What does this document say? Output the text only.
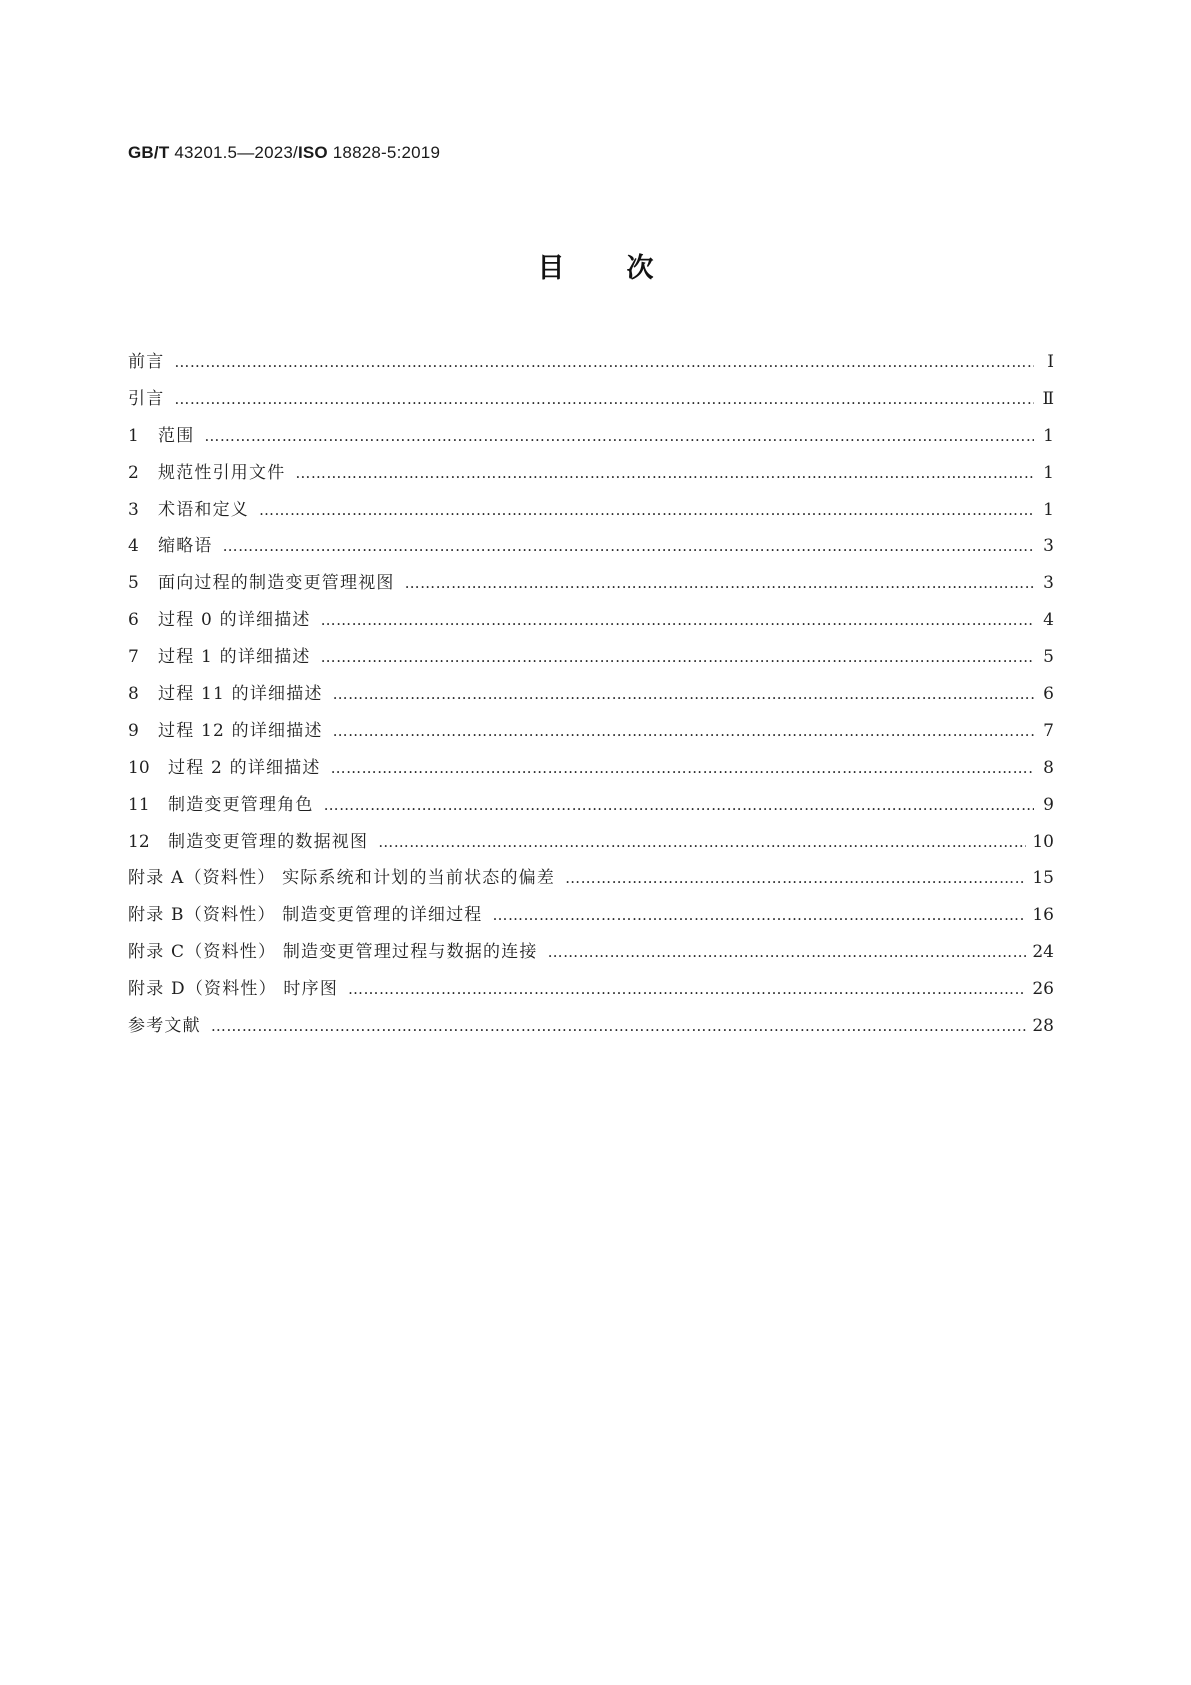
GB/T 43201.5—2023/ISO 18828-5:2019
目次
前言 ……………………………………………………………………………………………………………………………………………………………………………………………………………………………………	Ⅰ
引言 ……………………………………………………………………………………………………………………………………………………………………………………………………………………………………	Ⅱ
1	范围 ……………………………………………………………………………………………………………………………………………………………………………………………………………………………………	1
2	规范性引用文件 ……………………………………………………………………………………………………………………………………………………………………………………………………………………………………	1
3	术语和定义 ……………………………………………………………………………………………………………………………………………………………………………………………………………………………………	1
4	缩略语 ……………………………………………………………………………………………………………………………………………………………………………………………………………………………………	3
5	面向过程的制造变更管理视图 ……………………………………………………………………………………………………………………………………………………………………………………………………………………………………	3
6	过程 0 的详细描述 ……………………………………………………………………………………………………………………………………………………………………………………………………………………………………	4
7	过程 1 的详细描述 ……………………………………………………………………………………………………………………………………………………………………………………………………………………………………	5
8	过程 11 的详细描述 ……………………………………………………………………………………………………………………………………………………………………………………………………………………………………	6
9	过程 12 的详细描述 ……………………………………………………………………………………………………………………………………………………………………………………………………………………………………	7
10	过程 2 的详细描述 ……………………………………………………………………………………………………………………………………………………………………………………………………………………………………	8
11	制造变更管理角色 ……………………………………………………………………………………………………………………………………………………………………………………………………………………………………	9
12	制造变更管理的数据视图 ……………………………………………………………………………………………………………………………………………………………………………………………………………………………………	10
附录 A（资料性） 实际系统和计划的当前状态的偏差 ……………………………………………………………………………………………………………………………………………………………………………………………………………………………………	15
附录 B（资料性） 制造变更管理的详细过程 ……………………………………………………………………………………………………………………………………………………………………………………………………………………………………	16
附录 C（资料性） 制造变更管理过程与数据的连接 ……………………………………………………………………………………………………………………………………………………………………………………………………………………………………	24
附录 D（资料性） 时序图 ……………………………………………………………………………………………………………………………………………………………………………………………………………………………………	26
参考文献 ……………………………………………………………………………………………………………………………………………………………………………………………………………………………………	28
